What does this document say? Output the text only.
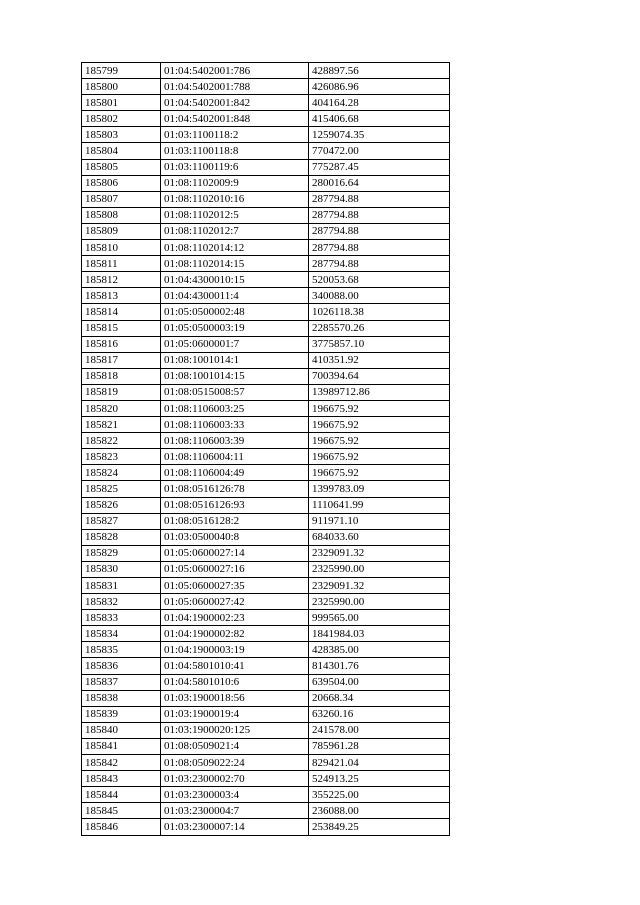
185799	01:04:5402001:786	428897.56
185800	01:04:5402001:788	426086.96
185801	01:04:5402001:842	404164.28
185802	01:04:5402001:848	415406.68
185803	01:03:1100118:2	1259074.35
185804	01:03:1100118:8	770472.00
185805	01:03:1100119:6	775287.45
185806	01:08:1102009:9	280016.64
185807	01:08:1102010:16	287794.88
185808	01:08:1102012:5	287794.88
185809	01:08:1102012:7	287794.88
185810	01:08:1102014:12	287794.88
185811	01:08:1102014:15	287794.88
185812	01:04:4300010:15	520053.68
185813	01:04:4300011:4	340088.00
185814	01:05:0500002:48	1026118.38
185815	01:05:0500003:19	2285570.26
185816	01:05:0600001:7	3775857.10
185817	01:08:1001014:1	410351.92
185818	01:08:1001014:15	700394.64
185819	01:08:0515008:57	13989712.86
185820	01:08:1106003:25	196675.92
185821	01:08:1106003:33	196675.92
185822	01:08:1106003:39	196675.92
185823	01:08:1106004:11	196675.92
185824	01:08:1106004:49	196675.92
185825	01:08:0516126:78	1399783.09
185826	01:08:0516126:93	1110641.99
185827	01:08:0516128:2	911971.10
185828	01:03:0500040:8	684033.60
185829	01:05:0600027:14	2329091.32
185830	01:05:0600027:16	2325990.00
185831	01:05:0600027:35	2329091.32
185832	01:05:0600027:42	2325990.00
185833	01:04:1900002:23	999565.00
185834	01:04:1900002:82	1841984.03
185835	01:04:1900003:19	428385.00
185836	01:04:5801010:41	814301.76
185837	01:04:5801010:6	639504.00
185838	01:03:1900018:56	20668.34
185839	01:03:1900019:4	63260.16
185840	01:03:1900020:125	241578.00
185841	01:08:0509021:4	785961.28
185842	01:08:0509022:24	829421.04
185843	01:03:2300002:70	524913.25
185844	01:03:2300003:4	355225.00
185845	01:03:2300004:7	236088.00
185846	01:03:2300007:14	253849.25
